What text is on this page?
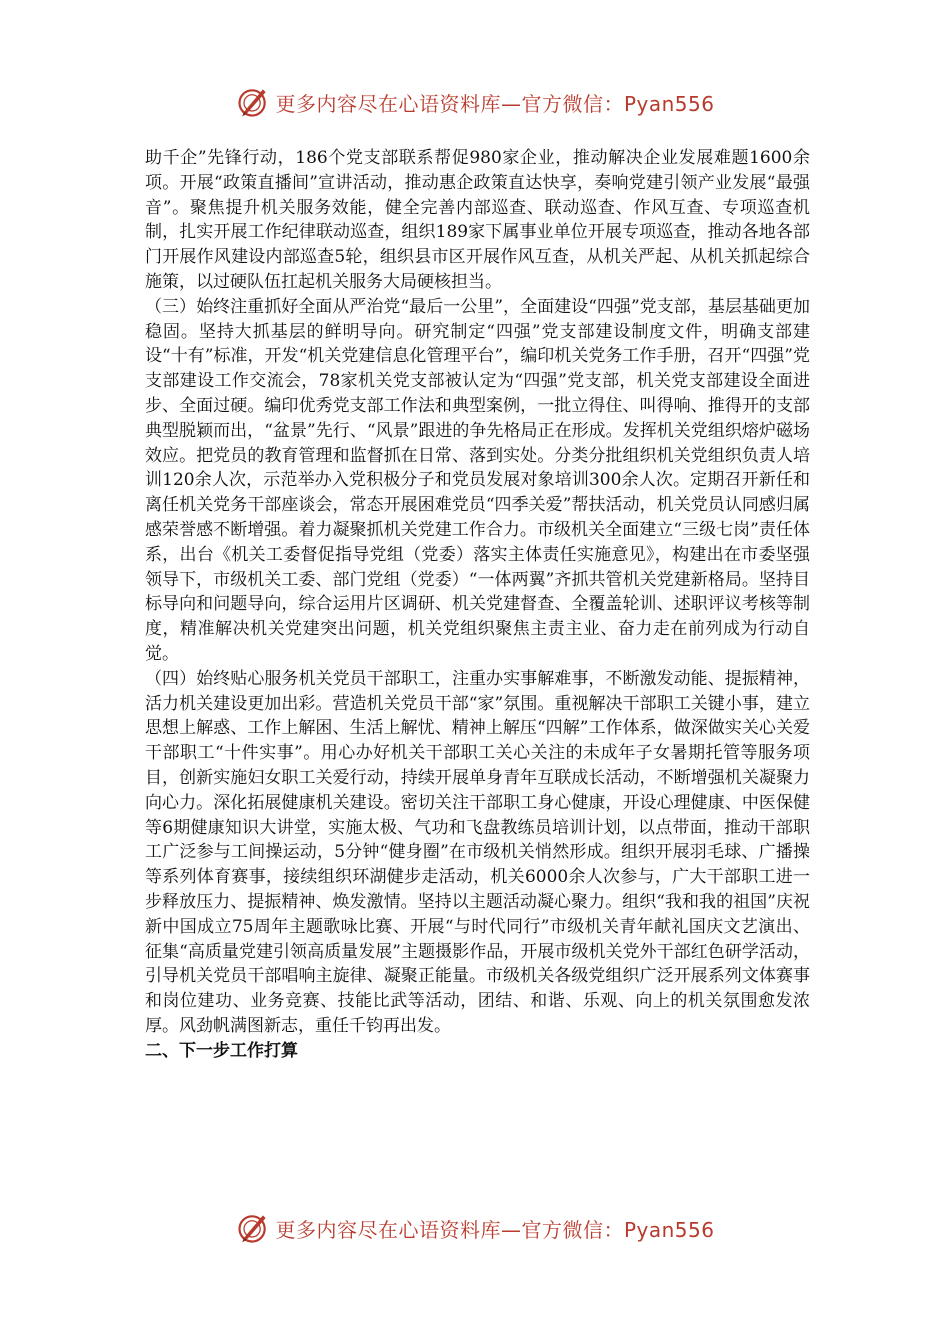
更多内容尽在心语资料库—官方微信：Pyan556

助千企”先锋行动，186个党支部联系帮促980家企业，推动解决企业发展难题1600余项。开展“政策直播间”宣讲活动，推动惠企政策直达快享，奏响党建引领产业发展“最强音”。聚焦提升机关服务效能，健全完善内部巡查、联动巡查、作风互查、专项巡查机制，扎实开展工作纪律联动巡查，组织189家下属事业单位开展专项巡查，推动各地各部门开展作风建设内部巡查5轮，组织县市区开展作风互查，从机关严起、从机关抓起综合施策，以过硬队伍扛起机关服务大局硬核担当。

（三）始终注重抓好全面从严治党“最后一公里”，全面建设“四强”党支部，基层基础更加稳固。坚持大抓基层的鲜明导向。研究制定“四强”党支部建设制度文件，明确支部建设“十有”标准，开发“机关党建信息化管理平台”，编印机关党务工作手册，召开“四强”党支部建设工作交流会，78家机关党支部被认定为“四强”党支部，机关党支部建设全面进步、全面过硬。编印优秀党支部工作法和典型案例，一批立得住、叫得响、推得开的支部典型脱颖而出，“盆景”先行、“风景”跟进的争先格局正在形成。发挥机关党组织熔炉磁场效应。把党员的教育管理和监督抓在日常、落到实处。分类分批组织机关党组织负责人培训120余人次，示范举办入党积极分子和党员发展对象培训300余人次。定期召开新任和离任机关党务干部座谈会，常态开展困难党员“四季关爱”帮扶活动，机关党员认同感归属感荣誉感不断增强。着力凝聚抓机关党建工作合力。市级机关全面建立“三级七岗”责任体系，出台《机关工委督促指导党组（党委）落实主体责任实施意见》，构建出在市委坚强领导下，市级机关工委、部门党组（党委）“一体两翼”齐抓共管机关党建新格局。坚持目标导向和问题导向，综合运用片区调研、机关党建督查、全覆盖轮训、述职评议考核等制度，精准解决机关党建突出问题，机关党组织聚焦主责主业、奋力走在前列成为行动自觉。

（四）始终贴心服务机关党员干部职工，注重办实事解难事，不断激发动能、提振精神，活力机关建设更加出彩。营造机关党员干部“家”氛围。重视解决干部职工关键小事，建立思想上解惑、工作上解困、生活上解忧、精神上解压“四解”工作体系，做深做实关心关爱干部职工“十件实事”。用心办好机关干部职工关心关注的未成年子女暑期托管等服务项目，创新实施妇女职工关爱行动，持续开展单身青年互联成长活动，不断增强机关凝聚力向心力。深化拓展健康机关建设。密切关注干部职工身心健康，开设心理健康、中医保健等6期健康知识大讲堂，实施太极、气功和飞盘教练员培训计划，以点带面，推动干部职工广泛参与工间操运动，5分钟“健身圈”在市级机关悄然形成。组织开展羽毛球、广播操等系列体育赛事，接续组织环湖健步走活动，机关6000余人次参与，广大干部职工进一步释放压力、提振精神、焕发激情。坚持以主题活动凝心聚力。组织“我和我的祖国”庆祝新中国成立75周年主题歌咏比赛、开展“与时代同行”市级机关青年献礼国庆文艺演出、征集“高质量党建引领高质量发展”主题摄影作品，开展市级机关党外干部红色研学活动，引导机关党员干部唱响主旋律、凝聚正能量。市级机关各级党组织广泛开展系列文体赛事和岗位建功、业务竞赛、技能比武等活动，团结、和谐、乐观、向上的机关氛围愈发浓厚。风劲帆满图新志，重任千钧再出发。

二、下一步工作打算

更多内容尽在心语资料库—官方微信：Pyan556
